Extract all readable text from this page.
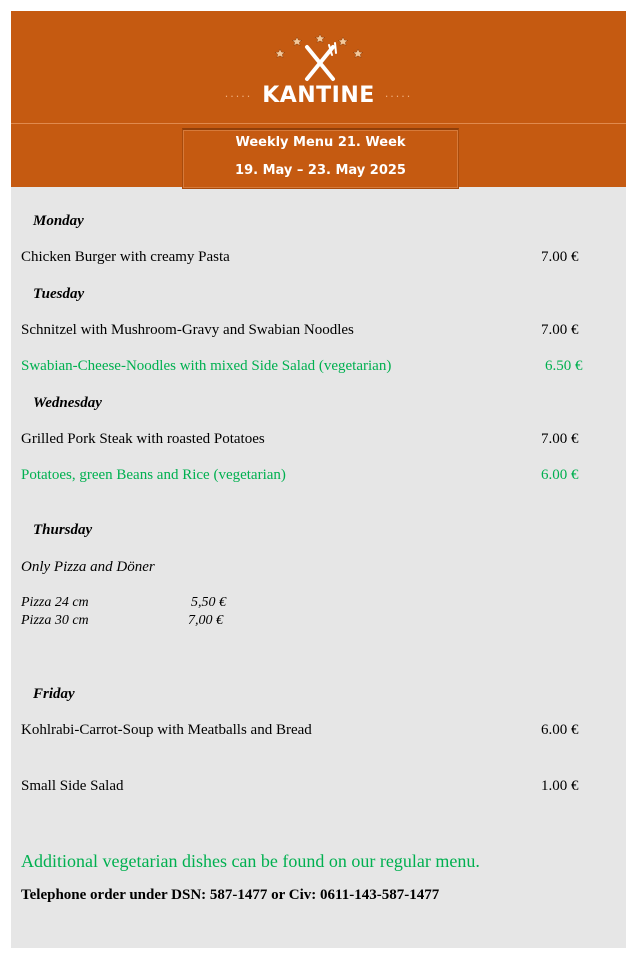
····· KANTINE ·····
Weekly Menu 21. Week
19. May – 23. May 2025
Monday
Chicken Burger with creamy Pasta	7.00 €
Tuesday
Schnitzel with Mushroom-Gravy and Swabian Noodles	7.00 €
Swabian-Cheese-Noodles with mixed Side Salad (vegetarian)	6.50 €
Wednesday
Grilled Pork Steak with roasted Potatoes	7.00 €
Potatoes, green Beans and Rice (vegetarian)	6.00 €
Thursday
Only Pizza and Döner
Pizza 24 cm	5,50 €
Pizza 30 cm	7,00 €
Friday
Kohlrabi-Carrot-Soup with Meatballs and Bread	6.00 €
Small Side Salad	1.00 €
Additional vegetarian dishes can be found on our regular menu.
Telephone order under DSN: 587-1477 or Civ: 0611-143-587-1477
